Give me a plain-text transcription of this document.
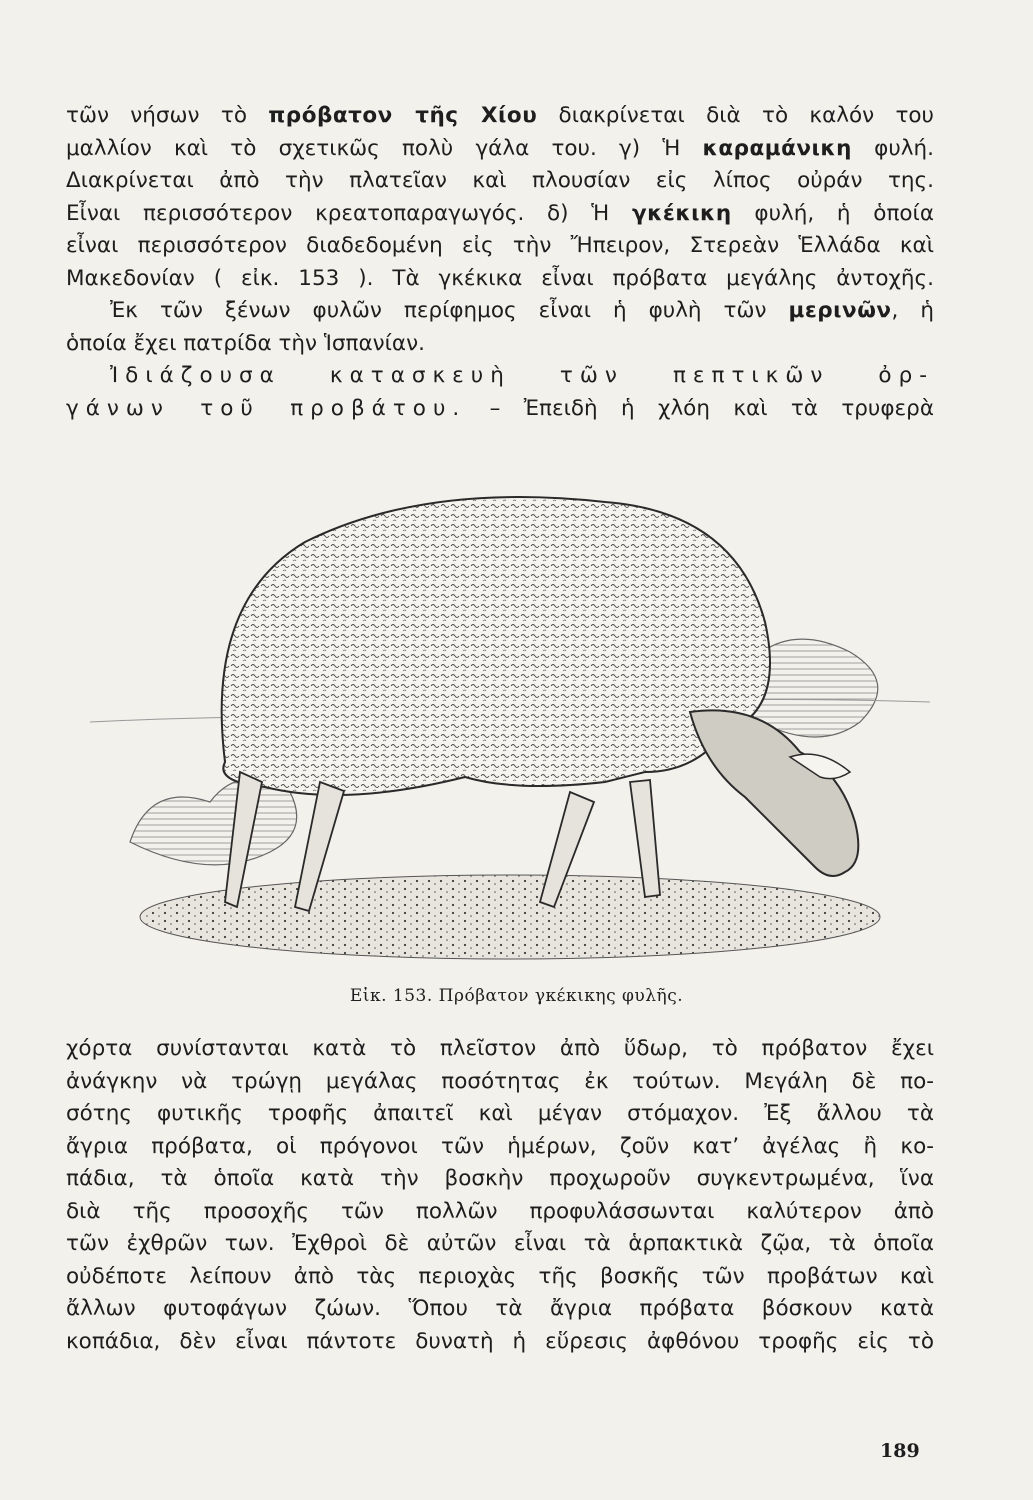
τῶν νήσων τὸ πρόβατον τῆς Χίου διακρίνεται διὰ τὸ καλόν του
μαλλίον καὶ τὸ σχετικῶς πολὺ γάλα του. γ) Ἡ καραμάνικη φυλή.
Διακρίνεται ἀπὸ τὴν πλατεῖαν καὶ πλουσίαν εἰς λίπος οὐράν της.
Εἶναι περισσότερον κρεατοπαραγωγός. δ) Ἡ γκέκικη φυλή, ἡ ὁποία
εἶναι περισσότερον διαδεδομένη εἰς τὴν Ἤπειρον, Στερεὰν Ἑλλάδα καὶ
Μακεδονίαν ( εἰκ. 153 ). Τὰ γκέκικα εἶναι πρόβατα μεγάλης ἀντοχῆς.
Ἐκ τῶν ξένων φυλῶν περίφημος εἶναι ἡ φυλὴ τῶν μερινῶν, ἡ
ὁποία ἔχει πατρίδα τὴν Ἱσπανίαν.
Ἰδιάζουσα κατασκευὴ τῶν πεπτικῶν ὀρ-
γάνων τοῦ προβάτου. – Ἐπειδὴ ἡ χλόη καὶ τὰ τρυφερὰ
Εἰκ. 153. Πρόβατον γκέκικης φυλῆς.
χόρτα συνίστανται κατὰ τὸ πλεῖστον ἀπὸ ὕδωρ, τὸ πρόβατον ἔχει
ἀνάγκην νὰ τρώγῃ μεγάλας ποσότητας ἐκ τούτων. Μεγάλη δὲ πο-
σότης φυτικῆς τροφῆς ἀπαιτεῖ καὶ μέγαν στόμαχον. Ἐξ ἄλλου τὰ
ἄγρια πρόβατα, οἱ πρόγονοι τῶν ἡμέρων, ζοῦν κατ’ ἀγέλας ἢ κο-
πάδια, τὰ ὁποῖα κατὰ τὴν βοσκὴν προχωροῦν συγκεντρωμένα, ἵνα
διὰ τῆς προσοχῆς τῶν πολλῶν προφυλάσσωνται καλύτερον ἀπὸ
τῶν ἐχθρῶν των. Ἐχθροὶ δὲ αὐτῶν εἶναι τὰ ἁρπακτικὰ ζῷα, τὰ ὁποῖα
οὐδέποτε λείπουν ἀπὸ τὰς περιοχὰς τῆς βοσκῆς τῶν προβάτων καὶ
ἄλλων φυτοφάγων ζώων. Ὅπου τὰ ἄγρια πρόβατα βόσκουν κατὰ
κοπάδια, δὲν εἶναι πάντοτε δυνατὴ ἡ εὕρεσις ἀφθόνου τροφῆς εἰς τὸ
189
